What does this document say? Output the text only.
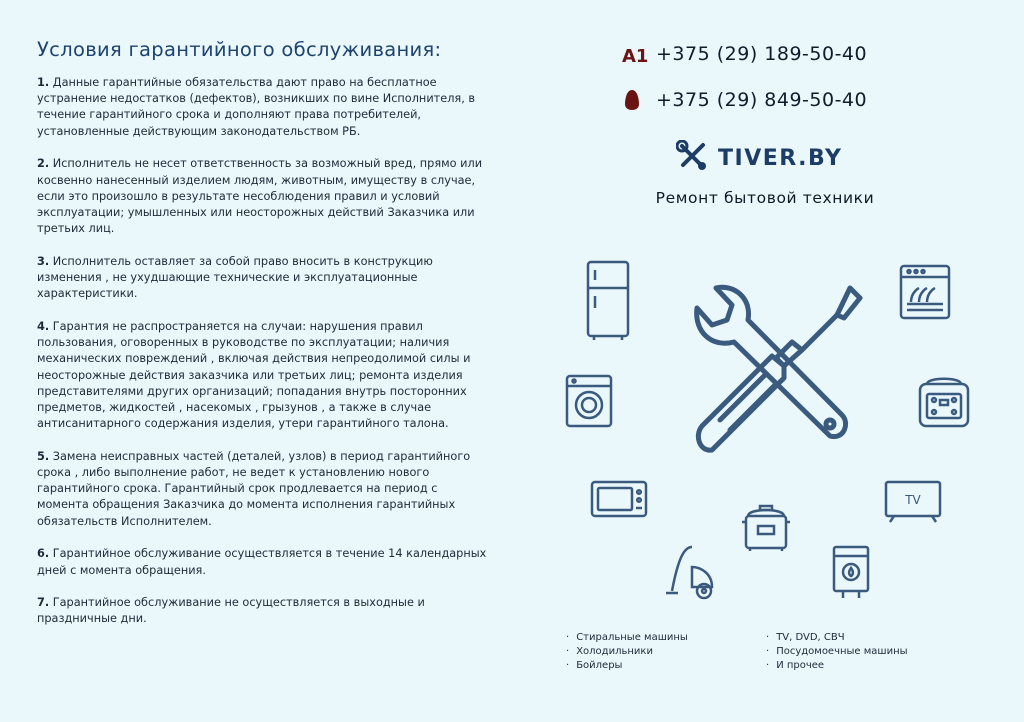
Условия гарантийного обслуживания:

1. Данные гарантийные обязательства дают право на бесплатное устранение недостатков (дефектов), возникших по вине Исполнителя, в течение гарантийного срока и дополняют права потребителей, установленные действующим законодательством РБ.

2. Исполнитель не несет ответственность за возможный вред, прямо или косвенно нанесенный изделием людям, животным, имуществу в случае, если это произошло в результате несоблюдения правил и условий эксплуатации; умышленных или неосторожных действий Заказчика или третьих лиц.

3. Исполнитель оставляет за собой право вносить в конструкцию изменения , не ухудшающие технические и эксплуатационные характеристики.

4. Гарантия не распространяется на случаи: нарушения правил пользования, оговоренных в руководстве по эксплуатации; наличия механических повреждений , включая действия непреодолимой силы и неосторожные действия заказчика или третьих лиц; ремонта изделия представителями других организаций; попадания внутрь посторонних предметов, жидкостей , насекомых , грызунов , а также в случае антисанитарного содержания изделия, утери гарантийного талона.

5. Замена неисправных частей (деталей, узлов) в период гарантийного срока , либо выполнение работ, не ведет к установлению нового гарантийного срока. Гарантийный срок продлевается на период с момента обращения Заказчика до момента исполнения гарантийных обязательств Исполнителем.

6. Гарантийное обслуживание осуществляется в течение 14 календарных дней с момента обращения.

7. Гарантийное обслуживание не осуществляется в выходные и праздничные дни.

A1 +375 (29) 189-50-40
+375 (29) 849-50-40
TIVER.BY
Ремонт бытовой техники
TV
· Стиральные машины
· Холодильники
· Бойлеры
· TV, DVD, СВЧ
· Посудомоечные машины
· И прочее
